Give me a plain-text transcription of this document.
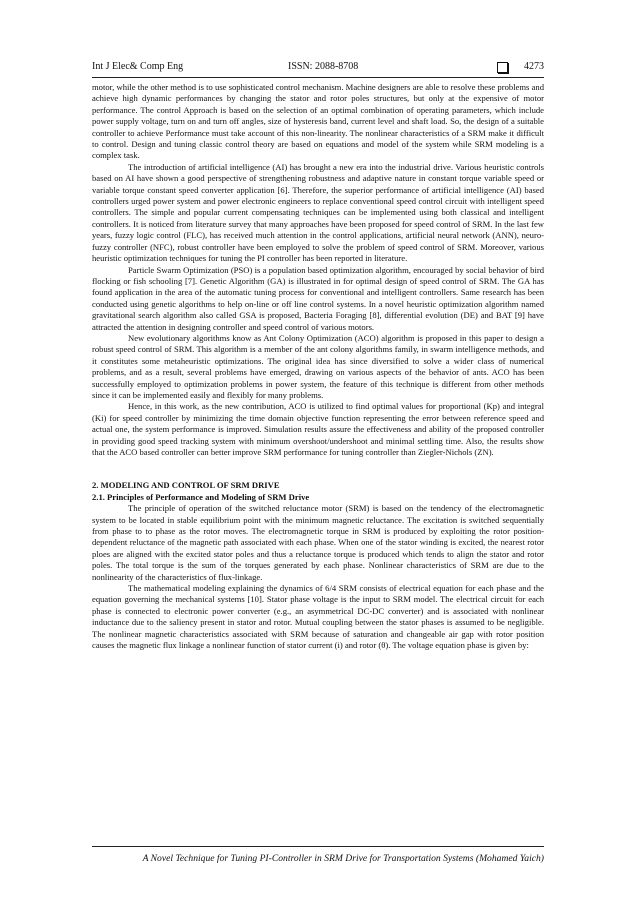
Int J Elec& Comp Eng	ISSN: 2088-8708	4273

motor, while the other method is to use sophisticated control mechanism. Machine designers are able to resolve these problems and achieve high dynamic performances by changing the stator and rotor poles structures, but only at the expensive of motor performance. The control Approach is based on the selection of an optimal combination of operating parameters, which include power supply voltage, turn on and turn off angles, size of hysteresis band, current level and shaft load. So, the design of a suitable controller to achieve Performance must take account of this non-linearity. The nonlinear characteristics of a SRM make it difficult to control. Design and tuning classic control theory are based on equations and model of the system while SRM modeling is a complex task.

The introduction of artificial intelligence (AI) has brought a new era into the industrial drive. Various heuristic controls based on AI have shown a good perspective of strengthening robustness and adaptive nature in constant torque variable speed or variable torque constant speed converter application [6]. Therefore, the superior performance of artificial intelligence (AI) based controllers urged power system and power electronic engineers to replace conventional speed control circuit with intelligent speed controllers. The simple and popular current compensating techniques can be implemented using both classical and intelligent controllers. It is noticed from literature survey that many approaches have been proposed for speed control of SRM. In the last few years, fuzzy logic control (FLC), has received much attention in the control applications, artificial neural network (ANN), neuro- fuzzy controller (NFC), robust controller have been employed to solve the problem of speed control of SRM. Moreover, various heuristic optimization techniques for tuning the PI controller has been reported in literature.

Particle Swarm Optimization (PSO) is a population based optimization algorithm, encouraged by social behavior of bird flocking or fish schooling [7]. Genetic Algorithm (GA) is illustrated in for optimal design of speed control of SRM. The GA has found application in the area of the automatic tuning process for conventional and intelligent controllers. Same research has been conducted using genetic algorithms to help on-line or off line control systems. In a novel heuristic optimization algorithm named gravitational search algorithm also called GSA is proposed, Bacteria Foraging [8], differential evolution (DE) and BAT [9] have attracted the attention in designing controller and speed control of various motors.

New evolutionary algorithms know as Ant Colony Optimization (ACO) algorithm is proposed in this paper to design a robust speed control of SRM. This algorithm is a member of the ant colony algorithms family, in swarm intelligence methods, and it constitutes some metaheuristic optimizations. The original idea has since diversified to solve a wider class of numerical problems, and as a result, several problems have emerged, drawing on various aspects of the behavior of ants. ACO has been successfully employed to optimization problems in power system, the feature of this technique is different from other methods since it can be implemented easily and flexibly for many problems.

Hence, in this work, as the new contribution, ACO is utilized to find optimal values for proportional (Kp) and integral (Ki) for speed controller by minimizing the time domain objective function representing the error between reference speed and actual one, the system performance is improved. Simulation results assure the effectiveness and ability of the proposed controller in providing good speed tracking system with minimum overshoot/undershoot and minimal settling time. Also, the results show that the ACO based controller can better improve SRM performance for tuning controller than Ziegler-Nichols (ZN).

2. MODELING AND CONTROL OF SRM DRIVE

2.1. Principles of Performance and Modeling of SRM Drive

The principle of operation of the switched reluctance motor (SRM) is based on the tendency of the electromagnetic system to be located in stable equilibrium point with the minimum magnetic reluctance. The excitation is switched sequentially from phase to to phase as the rotor moves. The electromagnetic torque in SRM is produced by exploiting the rotor position-dependent reluctance of the magnetic path associated with each phase. When one of the stator winding is excited, the nearest rotor ploes are aligned with the excited stator poles and thus a reluctance torque is produced which tends to align the stator and rotor poles. The total torque is the sum of the torques generated by each phase. Nonlinear characteristics of SRM are due to the nonlinearity of the characteristics of flux-linkage.

The mathematical modeling explaining the dynamics of 6/4 SRM consists of electrical equation for each phase and the equation governing the mechanical systems [10]. Stator phase voltage is the input to SRM model. The electrical circuit for each phase is connected to electronic power converter (e.g., an asymmetrical DC-DC converter) and is associated with nonlinear inductance due to the saliency present in stator and rotor. Mutual coupling between the stator phases is assumed to be negligible. The nonlinear magnetic characteristics associated with SRM because of saturation and changeable air gap with rotor position causes the magnetic flux linkage a nonlinear function of stator current (i) and rotor (θ). The voltage equation phase is given by:

A Novel Technique for Tuning PI-Controller in SRM Drive for Transportation Systems (Mohamed Yaich)
